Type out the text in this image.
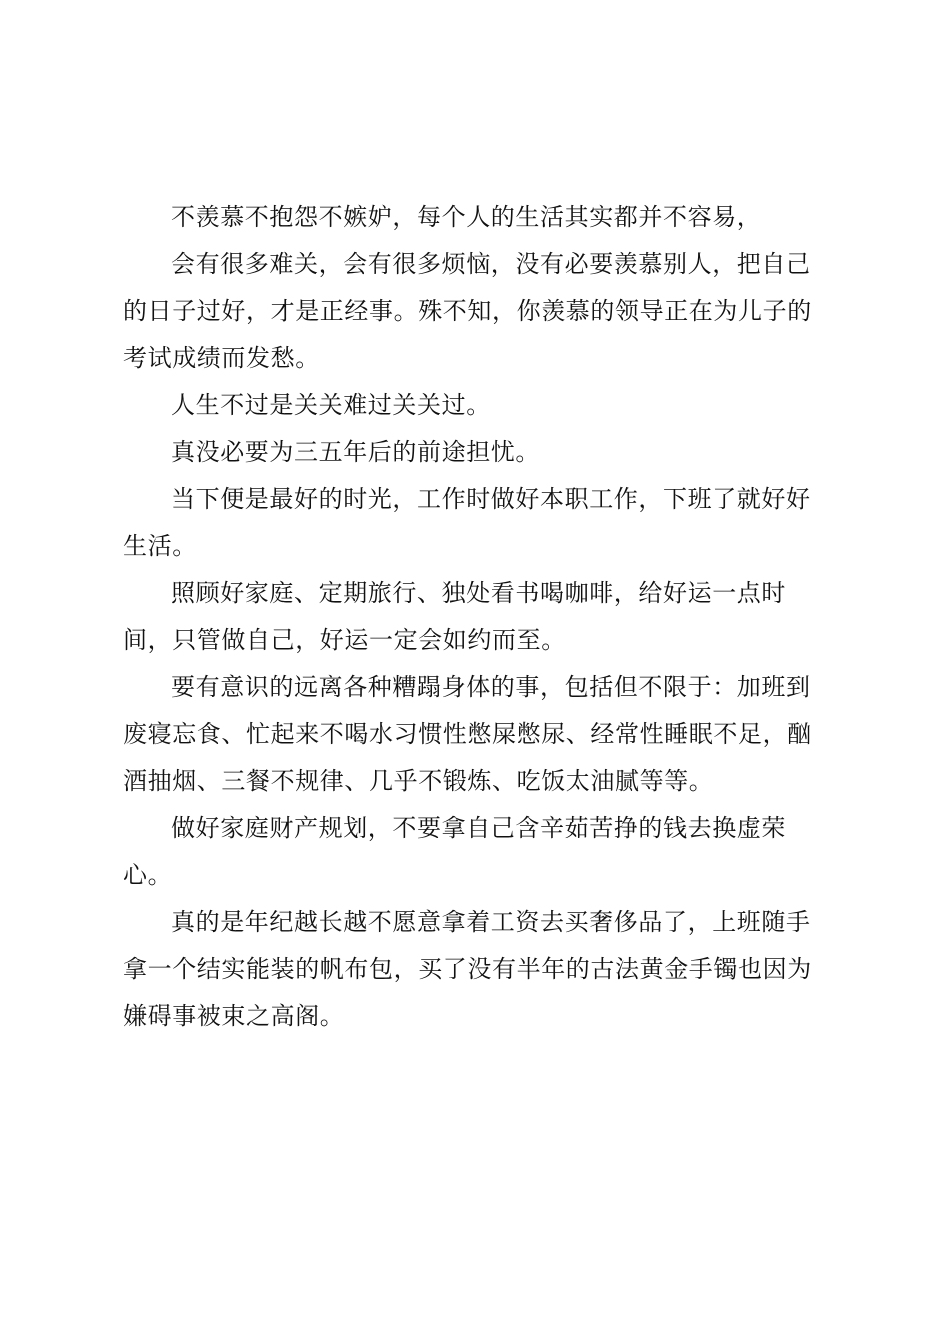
不羡慕不抱怨不嫉妒，每个人的生活其实都并不容易，

会有很多难关，会有很多烦恼，没有必要羡慕别人，把自己的日子过好，才是正经事。殊不知，你羡慕的领导正在为儿子的考试成绩而发愁。

人生不过是关关难过关关过。

真没必要为三五年后的前途担忧。

当下便是最好的时光，工作时做好本职工作，下班了就好好生活。

照顾好家庭、定期旅行、独处看书喝咖啡，给好运一点时间，只管做自己，好运一定会如约而至。

要有意识的远离各种糟蹋身体的事，包括但不限于：加班到废寝忘食、忙起来不喝水习惯性憋屎憋尿、经常性睡眠不足，酗酒抽烟、三餐不规律、几乎不锻炼、吃饭太油腻等等。

做好家庭财产规划，不要拿自己含辛茹苦挣的钱去换虚荣心。

真的是年纪越长越不愿意拿着工资去买奢侈品了，上班随手拿一个结实能装的帆布包，买了没有半年的古法黄金手镯也因为嫌碍事被束之高阁。
